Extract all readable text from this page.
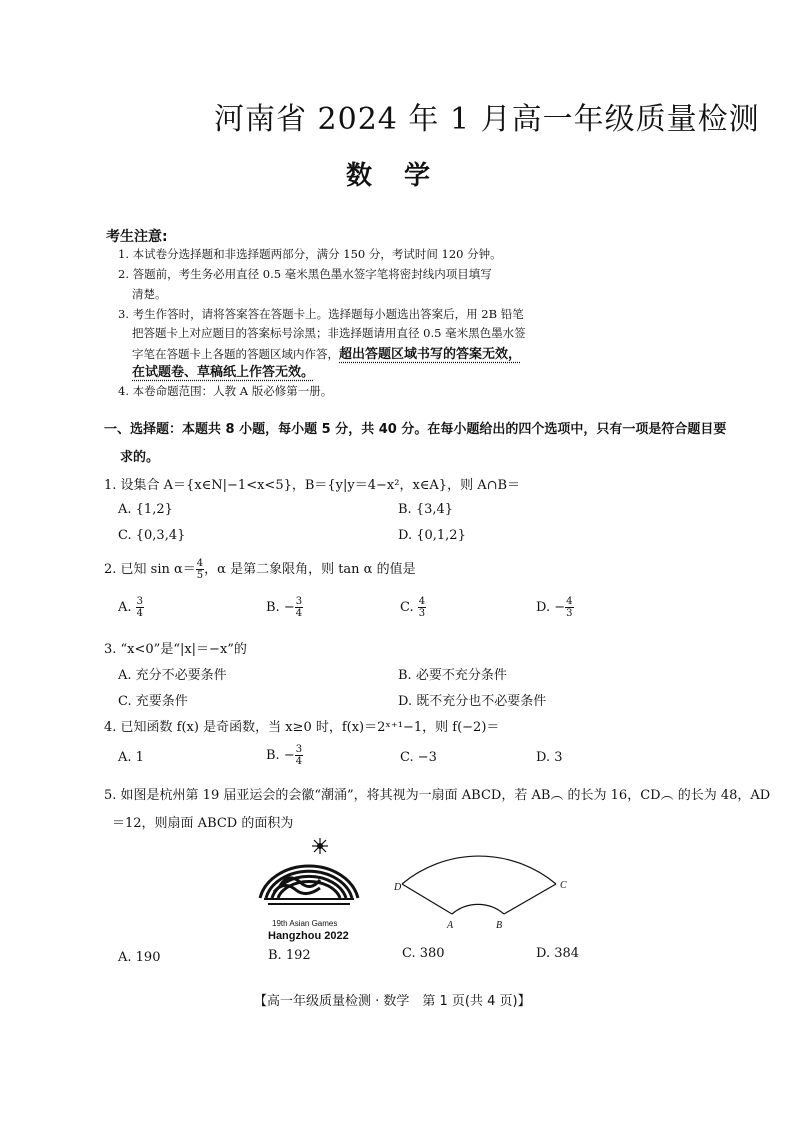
河南省 2024 年 1 月高一年级质量检测
数学
考生注意:
1. 本试卷分选择题和非选择题两部分，满分 150 分，考试时间 120 分钟。
2. 答题前，考生务必用直径 0.5 毫米黑色墨水签字笔将密封线内项目填写
清楚。
3. 考生作答时，请将答案答在答题卡上。选择题每小题选出答案后，用 2B 铅笔
把答题卡上对应题目的答案标号涂黑；非选择题请用直径 0.5 毫米黑色墨水签
字笔在答题卡上各题的答题区域内作答，超出答题区域书写的答案无效，
在试题卷、草稿纸上作答无效。
4. 本卷命题范围：人教 A 版必修第一册。
一、选择题：本题共 8 小题，每小题 5 分，共 40 分。在每小题给出的四个选项中，只有一项是符合题目要
求的。
1. 设集合 A＝{x∈N|−1<x<5}，B＝{y|y＝4−x²，x∈A}，则 A∩B＝
A. {1,2}	B. {3,4}
C. {0,3,4}	D. {0,1,2}
2. 已知 $\sin \alpha= \frac{4}{5}$ ，α 是第二象限角，则 tan α 的值是
A. $\frac{3}{4}$	B. − $\frac{3}{4}$	C. $\frac{4}{3}$	D. − $\frac{4}{3}$
3. “x<0”是“|x|＝−x”的
A. 充分不必要条件	B. 必要不充分条件
C. 充要条件	D. 既不充分也不必要条件
4. 已知函数 f(x) 是奇函数，当 x≥0 时，f(x)＝2ˣ⁺¹−1，则 f(−2)＝
A. 1	B. − $\frac{3}{4}$	C. −3	D. 3
5. 如图是杭州第 19 届亚运会的会徽“潮涌”，将其视为一扇面 ABCD，若 AB︵ 的长为 16，CD︵ 的长为 48，AD
＝12，则扇面 ABCD 的面积为
19th Asian Games
Hangzhou 2022
D	C
A	B
A. 190	B. 192	C. 380	D. 384
【高一年级质量检测 · 数学　第 1 页(共 4 页)】
